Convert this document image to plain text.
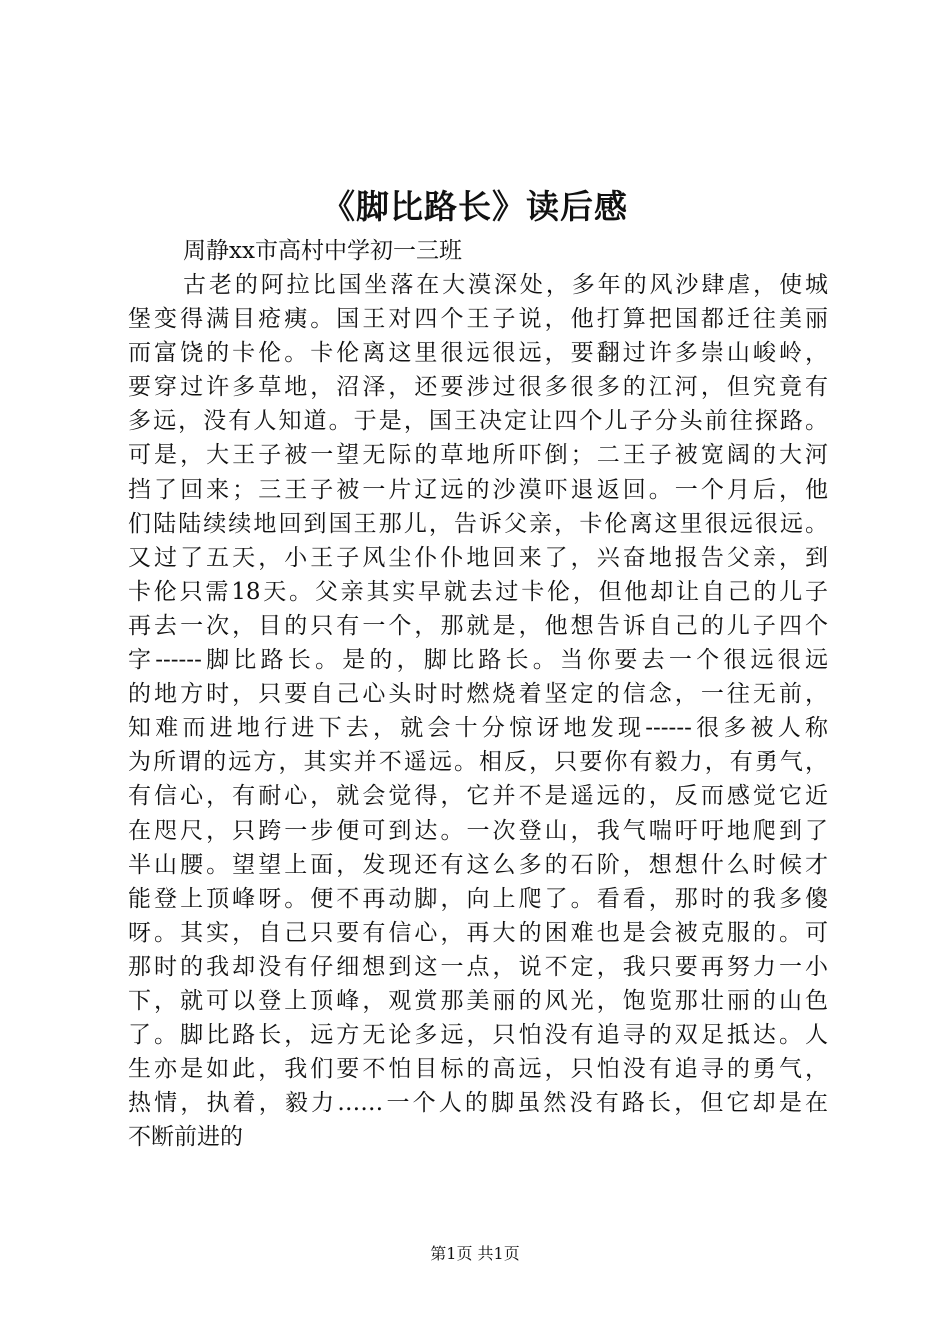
《脚比路长》读后感
周静xx市高村中学初一三班
古老的阿拉比国坐落在大漠深处，多年的风沙肆虐，使城
堡变得满目疮痍。国王对四个王子说，他打算把国都迁往美丽
而富饶的卡伦。卡伦离这里很远很远，要翻过许多崇山峻岭，
要穿过许多草地，沼泽，还要涉过很多很多的江河，但究竟有
多远，没有人知道。于是，国王决定让四个儿子分头前往探路。
可是，大王子被一望无际的草地所吓倒；二王子被宽阔的大河
挡了回来；三王子被一片辽远的沙漠吓退返回。一个月后，他
们陆陆续续地回到国王那儿，告诉父亲，卡伦离这里很远很远。
又过了五天，小王子风尘仆仆地回来了，兴奋地报告父亲，到
卡伦只需18天。父亲其实早就去过卡伦，但他却让自己的儿子
再去一次，目的只有一个，那就是，他想告诉自己的儿子四个
字------脚比路长。是的，脚比路长。当你要去一个很远很远
的地方时，只要自己心头时时燃烧着坚定的信念，一往无前，
知难而进地行进下去，就会十分惊讶地发现------很多被人称
为所谓的远方，其实并不遥远。相反，只要你有毅力，有勇气，
有信心，有耐心，就会觉得，它并不是遥远的，反而感觉它近
在咫尺，只跨一步便可到达。一次登山，我气喘吁吁地爬到了
半山腰。望望上面，发现还有这么多的石阶，想想什么时候才
能登上顶峰呀。便不再动脚，向上爬了。看看，那时的我多傻
呀。其实，自己只要有信心，再大的困难也是会被克服的。可
那时的我却没有仔细想到这一点，说不定，我只要再努力一小
下，就可以登上顶峰，观赏那美丽的风光，饱览那壮丽的山色
了。脚比路长，远方无论多远，只怕没有追寻的双足抵达。人
生亦是如此，我们要不怕目标的高远，只怕没有追寻的勇气，
热情，执着，毅力……一个人的脚虽然没有路长，但它却是在
不断前进的
第1页 共1页
